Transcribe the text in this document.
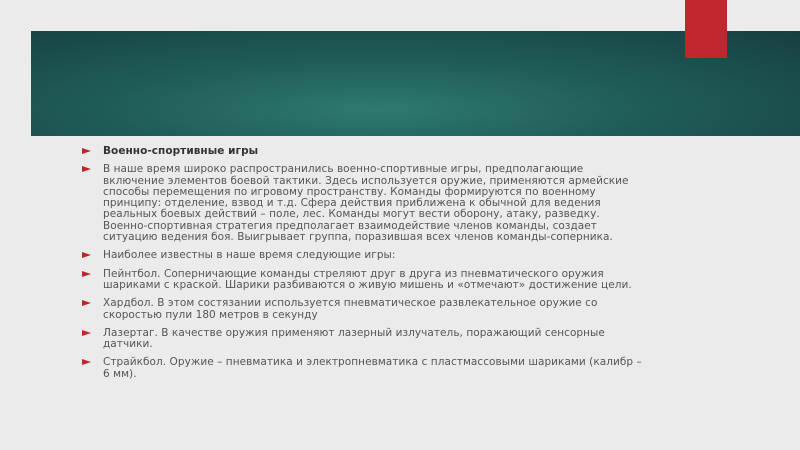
Военно-спортивные игры
В наше время широко распространились военно-спортивные игры, предполагающие включение элементов боевой тактики. Здесь используется оружие, применяются армейские способы перемещения по игровому пространству. Команды формируются по военному принципу: отделение, взвод и т.д. Сфера действия приближена к обычной для ведения реальных боевых действий – поле, лес. Команды могут вести оборону, атаку, разведку. Военно-спортивная стратегия предполагает взаимодействие членов команды, создает ситуацию ведения боя. Выигрывает группа, поразившая всех членов команды-соперника.
Наиболее известны в наше время следующие игры:
Пейнтбол. Соперничающие команды стреляют друг в друга из пневматического оружия шариками с краской. Шарики разбиваются о живую мишень и «отмечают» достижение цели.
Хардбол. В этом состязании используется пневматическое развлекательное оружие со скоростью пули 180 метров в секунду
Лазертаг. В качестве оружия применяют лазерный излучатель, поражающий сенсорные датчики.
Страйкбол. Оружие – пневматика и электропневматика с пластмассовыми шариками (калибр – 6 мм).
